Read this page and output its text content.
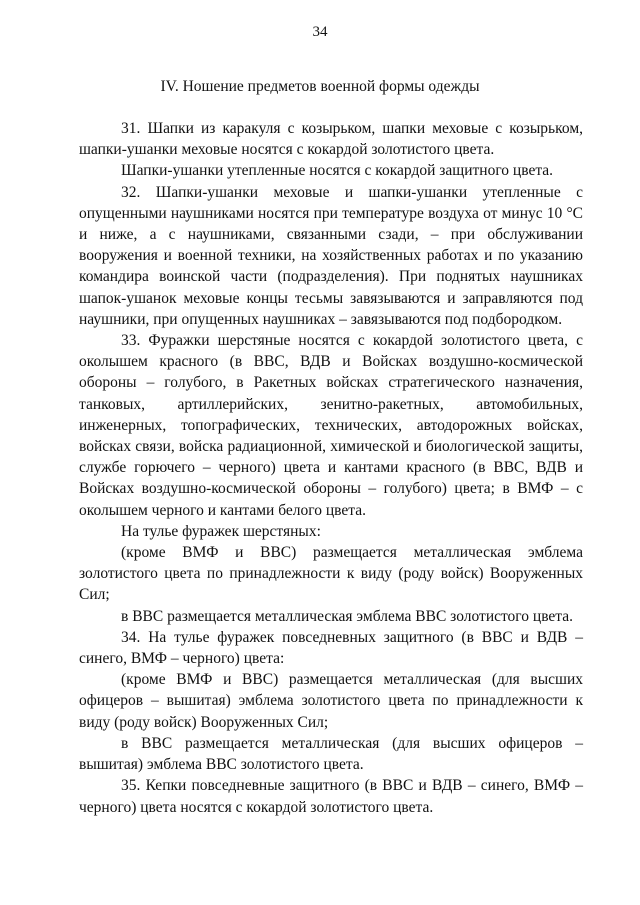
34
IV. Ношение предметов военной формы одежды

31. Шапки из каракуля с козырьком, шапки меховые с козырьком, шапки-ушанки меховые носятся с кокардой золотистого цвета.

Шапки-ушанки утепленные носятся с кокардой защитного цвета.

32. Шапки-ушанки меховые и шапки-ушанки утепленные с опущенными наушниками носятся при температуре воздуха от минус 10 °С и ниже, а с наушниками, связанными сзади, – при обслуживании вооружения и военной техники, на хозяйственных работах и по указанию командира воинской части (подразделения). При поднятых наушниках шапок-ушанок меховые концы тесьмы завязываются и заправляются под наушники, при опущенных наушниках – завязываются под подбородком.

33. Фуражки шерстяные носятся с кокардой золотистого цвета, с околышем красного (в ВВС, ВДВ и Войсках воздушно-космической обороны – голубого, в Ракетных войсках стратегического назначения, танковых, артиллерийских, зенитно-ракетных, автомобильных, инженерных, топографических, технических, автодорожных войсках, войсках связи, войска радиационной, химической и биологической защиты, службе горючего – черного) цвета и кантами красного (в ВВС, ВДВ и Войсках воздушно-космической обороны – голубого) цвета; в ВМФ – с околышем черного и кантами белого цвета.

На тулье фуражек шерстяных:

(кроме ВМФ и ВВС) размещается металлическая эмблема золотистого цвета по принадлежности к виду (роду войск) Вооруженных Сил;

в ВВС размещается металлическая эмблема ВВС золотистого цвета.

34. На тулье фуражек повседневных защитного (в ВВС и ВДВ – синего, ВМФ – черного) цвета:

(кроме ВМФ и ВВС) размещается металлическая (для высших офицеров – вышитая) эмблема золотистого цвета по принадлежности к виду (роду войск) Вооруженных Сил;

в ВВС размещается металлическая (для высших офицеров – вышитая) эмблема ВВС золотистого цвета.

35. Кепки повседневные защитного (в ВВС и ВДВ – синего, ВМФ – черного) цвета носятся с кокардой золотистого цвета.
